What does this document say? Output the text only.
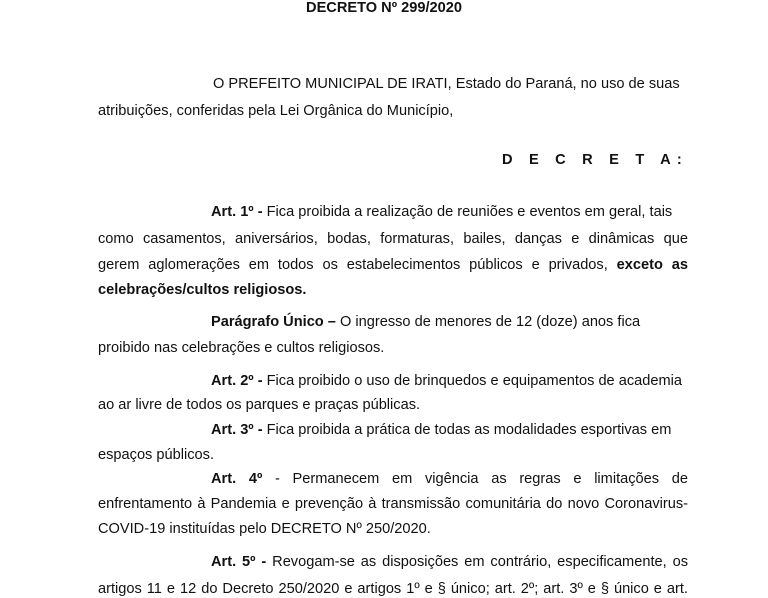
DECRETO Nº 299/2020
O PREFEITO MUNICIPAL DE IRATI, Estado do Paraná, no uso de suas
atribuições, conferidas pela Lei Orgânica do Município,
D E C R E T A:
Art. 1º - Fica proibida a realização de reuniões e eventos em geral, tais
como casamentos, aniversários, bodas, formaturas, bailes, danças e dinâmicas que
gerem aglomerações em todos os estabelecimentos públicos e privados, exceto as
celebrações/cultos religiosos.
Parágrafo Único – O ingresso de menores de 12 (doze) anos fica
proibido nas celebrações e cultos religiosos.
Art. 2º - Fica proibido o uso de brinquedos e equipamentos de academia
ao ar livre de todos os parques e praças públicas.
Art. 3º - Fica proibida a prática de todas as modalidades esportivas em
espaços públicos.
Art. 4º - Permanecem em vigência as regras e limitações de
enfrentamento à Pandemia e prevenção à transmissão comunitária do novo Coronavirus-
COVID-19 instituídas pelo DECRETO Nº 250/2020.
Art. 5º - Revogam-se as disposições em contrário, especificamente, os
artigos 11 e 12 do Decreto 250/2020 e artigos 1º e § único; art. 2º; art. 3º e § único e art.
